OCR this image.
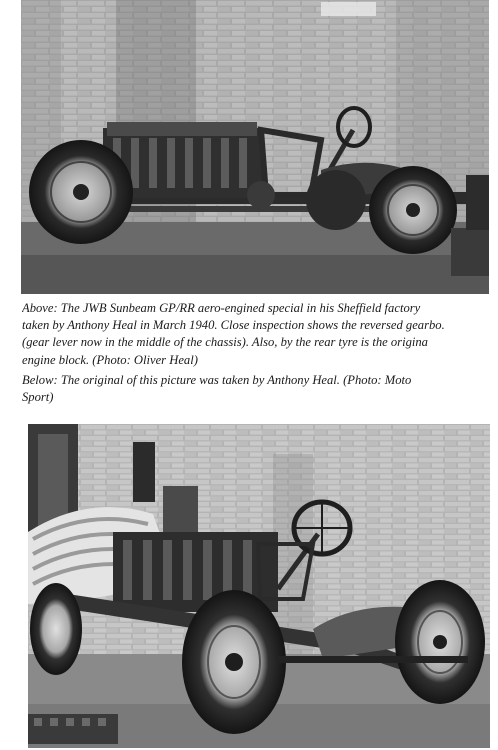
Above: The JWB Sunbeam GP/RR aero-engined special in his Sheffield factory
taken by Anthony Heal in March 1940. Close inspection shows the reversed gearbo.
(gear lever now in the middle of the chassis). Also, by the rear tyre is the origina
engine block. (Photo: Oliver Heal)
Below: The original of this picture was taken by Anthony Heal. (Photo: Moto
Sport)
